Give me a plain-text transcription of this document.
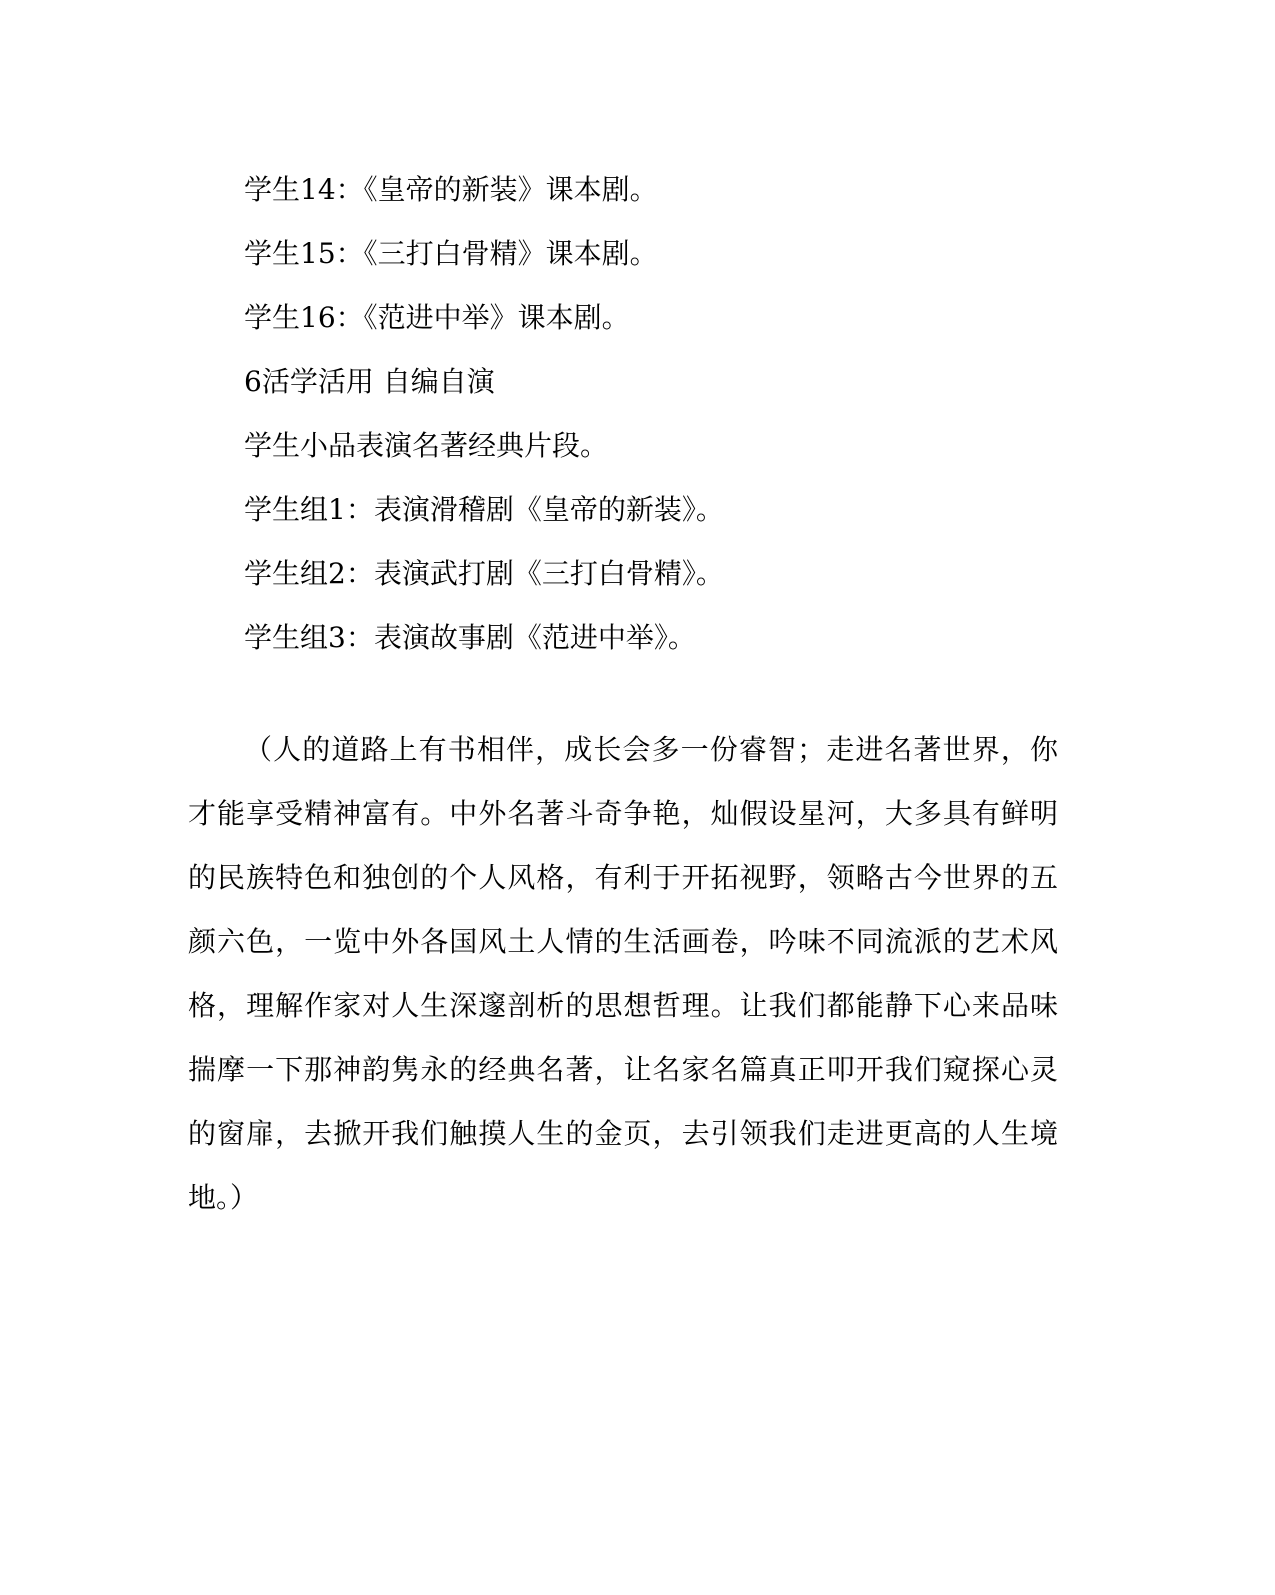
学生14：《皇帝的新装》课本剧。
学生15：《三打白骨精》课本剧。
学生16：《范进中举》课本剧。
6活学活用 自编自演
学生小品表演名著经典片段。
学生组1：表演滑稽剧《皇帝的新装》。
学生组2：表演武打剧《三打白骨精》。
学生组3：表演故事剧《范进中举》。
（人的道路上有书相伴，成长会多一份睿智；走进名著世界，你
才能享受精神富有。中外名著斗奇争艳，灿假设星河，大多具有鲜明
的民族特色和独创的个人风格，有利于开拓视野，领略古今世界的五
颜六色，一览中外各国风土人情的生活画卷，吟味不同流派的艺术风
格，理解作家对人生深邃剖析的思想哲理。让我们都能静下心来品味
揣摩一下那神韵隽永的经典名著，让名家名篇真正叩开我们窥探心灵
的窗扉，去掀开我们触摸人生的金页，去引领我们走进更高的人生境
地。）
